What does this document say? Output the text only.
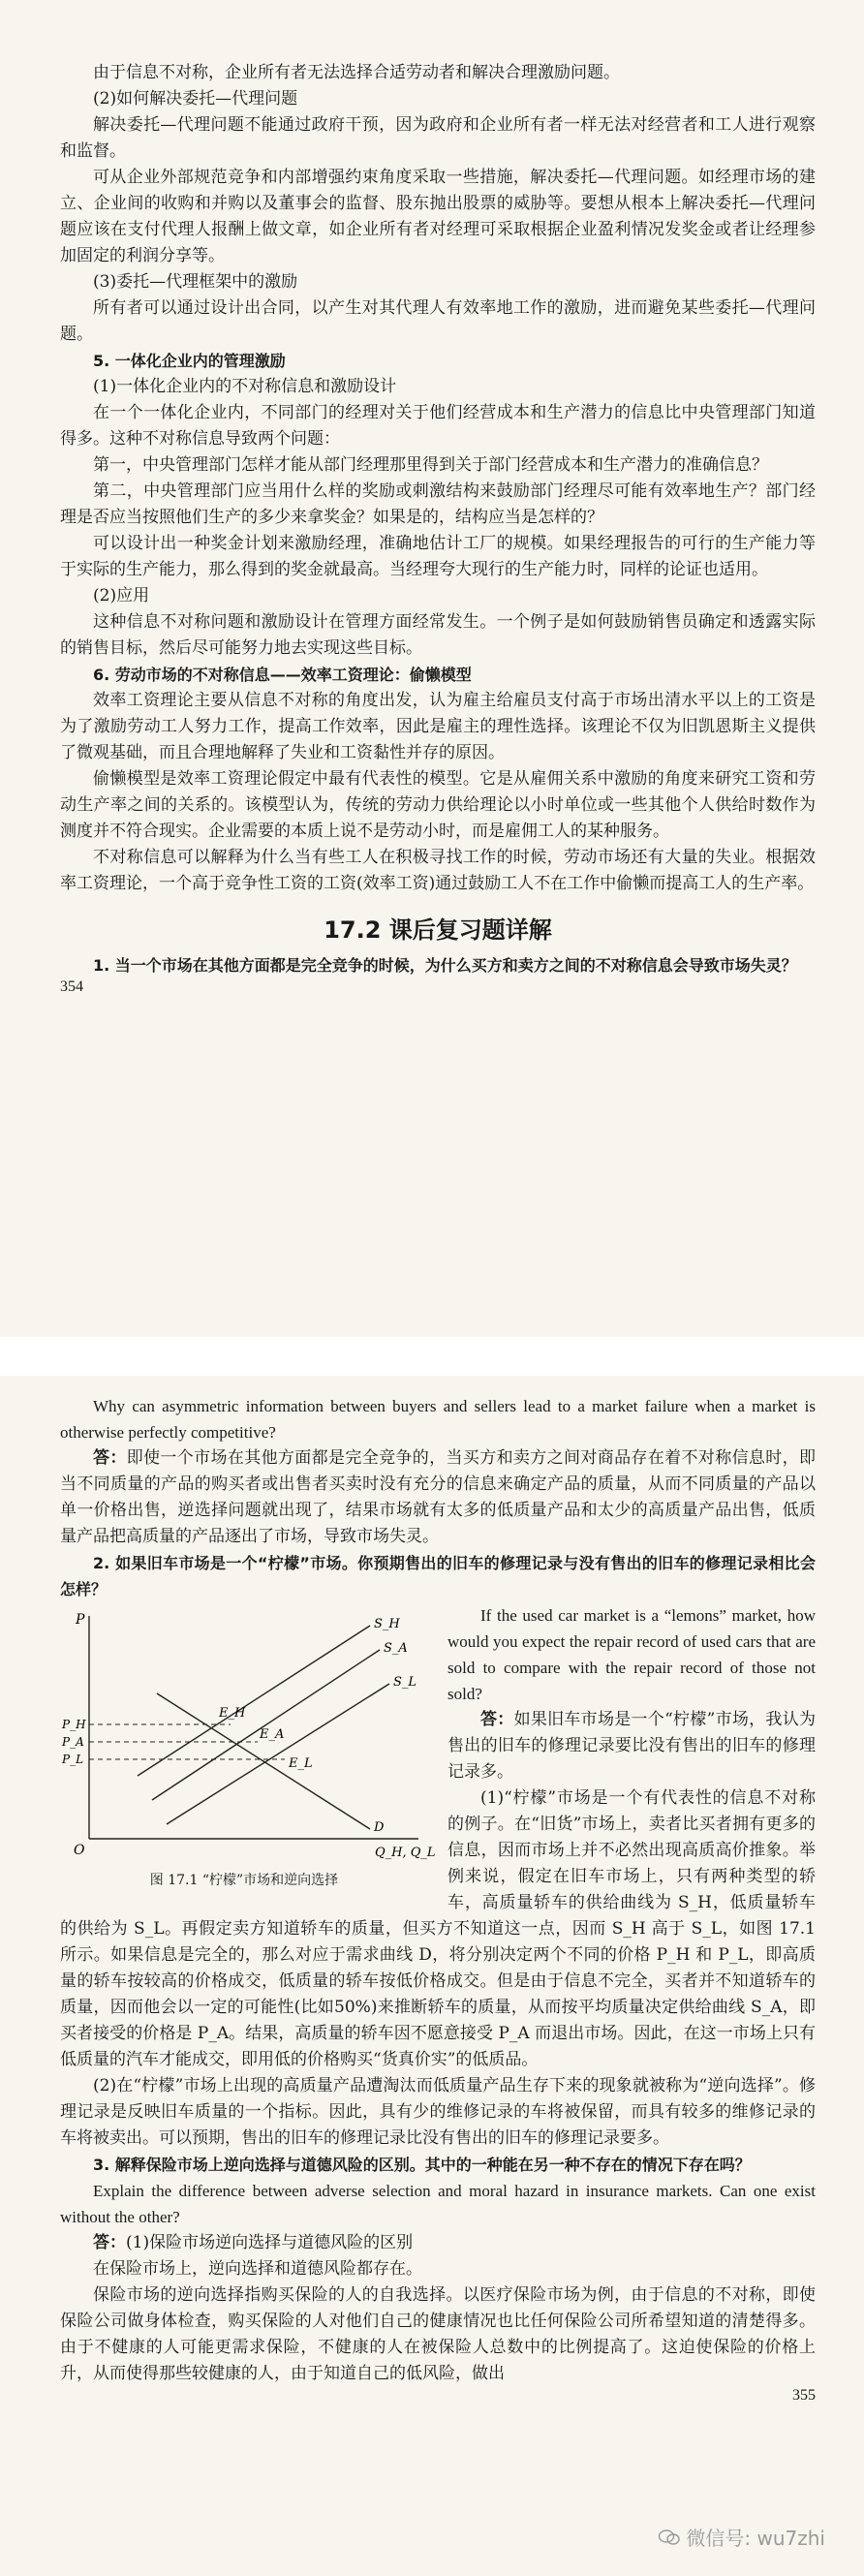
由于信息不对称，企业所有者无法选择合适劳动者和解决合理激励问题。

(2)如何解决委托—代理问题

解决委托—代理问题不能通过政府干预，因为政府和企业所有者一样无法对经营者和工人进行观察和监督。

可从企业外部规范竞争和内部增强约束角度采取一些措施，解决委托—代理问题。如经理市场的建立、企业间的收购和并购以及董事会的监督、股东抛出股票的威胁等。要想从根本上解决委托—代理问题应该在支付代理人报酬上做文章，如企业所有者对经理可采取根据企业盈利情况发奖金或者让经理参加固定的利润分享等。

(3)委托—代理框架中的激励

所有者可以通过设计出合同，以产生对其代理人有效率地工作的激励，进而避免某些委托—代理问题。

5. 一体化企业内的管理激励

(1)一体化企业内的不对称信息和激励设计

在一个一体化企业内，不同部门的经理对关于他们经营成本和生产潜力的信息比中央管理部门知道得多。这种不对称信息导致两个问题：

第一，中央管理部门怎样才能从部门经理那里得到关于部门经营成本和生产潜力的准确信息？

第二，中央管理部门应当用什么样的奖励或刺激结构来鼓励部门经理尽可能有效率地生产？部门经理是否应当按照他们生产的多少来拿奖金？如果是的，结构应当是怎样的？

可以设计出一种奖金计划来激励经理，准确地估计工厂的规模。如果经理报告的可行的生产能力等于实际的生产能力，那么得到的奖金就最高。当经理夸大现行的生产能力时，同样的论证也适用。

(2)应用

这种信息不对称问题和激励设计在管理方面经常发生。一个例子是如何鼓励销售员确定和透露实际的销售目标，然后尽可能努力地去实现这些目标。

6. 劳动市场的不对称信息——效率工资理论：偷懒模型

效率工资理论主要从信息不对称的角度出发，认为雇主给雇员支付高于市场出清水平以上的工资是为了激励劳动工人努力工作，提高工作效率，因此是雇主的理性选择。该理论不仅为旧凯恩斯主义提供了微观基础，而且合理地解释了失业和工资黏性并存的原因。

偷懒模型是效率工资理论假定中最有代表性的模型。它是从雇佣关系中激励的角度来研究工资和劳动生产率之间的关系的。该模型认为，传统的劳动力供给理论以小时单位或一些其他个人供给时数作为测度并不符合现实。企业需要的本质上说不是劳动小时，而是雇佣工人的某种服务。

不对称信息可以解释为什么当有些工人在积极寻找工作的时候，劳动市场还有大量的失业。根据效率工资理论，一个高于竞争性工资的工资(效率工资)通过鼓励工人不在工作中偷懒而提高工人的生产率。

17.2 课后复习题详解

1. 当一个市场在其他方面都是完全竞争的时候，为什么买方和卖方之间的不对称信息会导致市场失灵？

354

Why can asymmetric information between buyers and sellers lead to a market failure when a market is otherwise perfectly competitive?

答：即使一个市场在其他方面都是完全竞争的，当买方和卖方之间对商品存在着不对称信息时，即当不同质量的产品的购买者或出售者买卖时没有充分的信息来确定产品的质量，从而不同质量的产品以单一价格出售，逆选择问题就出现了，结果市场就有太多的低质量产品和太少的高质量产品出售，低质量产品把高质量的产品逐出了市场，导致市场失灵。

2. 如果旧车市场是一个“柠檬”市场。你预期售出的旧车的修理记录与没有售出的旧车的修理记录相比会怎样？

P
O	Q_H, Q_L
S_H
S_A
S_L
D
E_H
E_A
E_L
P_H
P_A
P_L
图 17.1 “柠檬”市场和逆向选择

If the used car market is a “lemons” market, how would you expect the repair record of used cars that are sold to compare with the repair record of those not sold?

答：如果旧车市场是一个“柠檬”市场，我认为售出的旧车的修理记录要比没有售出的旧车的修理记录多。

(1)“柠檬”市场是一个有代表性的信息不对称的例子。在“旧货”市场上，卖者比买者拥有更多的信息，因而市场上并不必然出现高质高价推象。举例来说，假定在旧车市场上，只有两种类型的轿车，高质量轿车的供给曲线为 S_H，低质量轿车的供给为 S_L。再假定卖方知道轿车的质量，但买方不知道这一点，因而 S_H 高于 S_L，如图 17.1 所示。如果信息是完全的，那么对应于需求曲线 D，将分别决定两个不同的价格 P_H 和 P_L，即高质量的轿车按较高的价格成交，低质量的轿车按低价格成交。但是由于信息不完全，买者并不知道轿车的质量，因而他会以一定的可能性(比如50%)来推断轿车的质量，从而按平均质量决定供给曲线 S_A，即买者接受的价格是 P_A。结果，高质量的轿车因不愿意接受 P_A 而退出市场。因此，在这一市场上只有低质量的汽车才能成交，即用低的价格购买“货真价实”的低质品。

(2)在“柠檬”市场上出现的高质量产品遭淘汰而低质量产品生存下来的现象就被称为“逆向选择”。修理记录是反映旧车质量的一个指标。因此，具有少的维修记录的车将被保留，而具有较多的维修记录的车将被卖出。可以预期，售出的旧车的修理记录比没有售出的旧车的修理记录要多。

3. 解释保险市场上逆向选择与道德风险的区别。其中的一种能在另一种不存在的情况下存在吗？

Explain the difference between adverse selection and moral hazard in insurance markets. Can one exist without the other?

答：(1)保险市场逆向选择与道德风险的区别

在保险市场上，逆向选择和道德风险都存在。

保险市场的逆向选择指购买保险的人的自我选择。以医疗保险市场为例，由于信息的不对称，即使保险公司做身体检查，购买保险的人对他们自己的健康情况也比任何保险公司所希望知道的清楚得多。由于不健康的人可能更需求保险，不健康的人在被保险人总数中的比例提高了。这迫使保险的价格上升，从而使得那些较健康的人，由于知道自己的低风险，做出

355
微信号: wu7zhi
